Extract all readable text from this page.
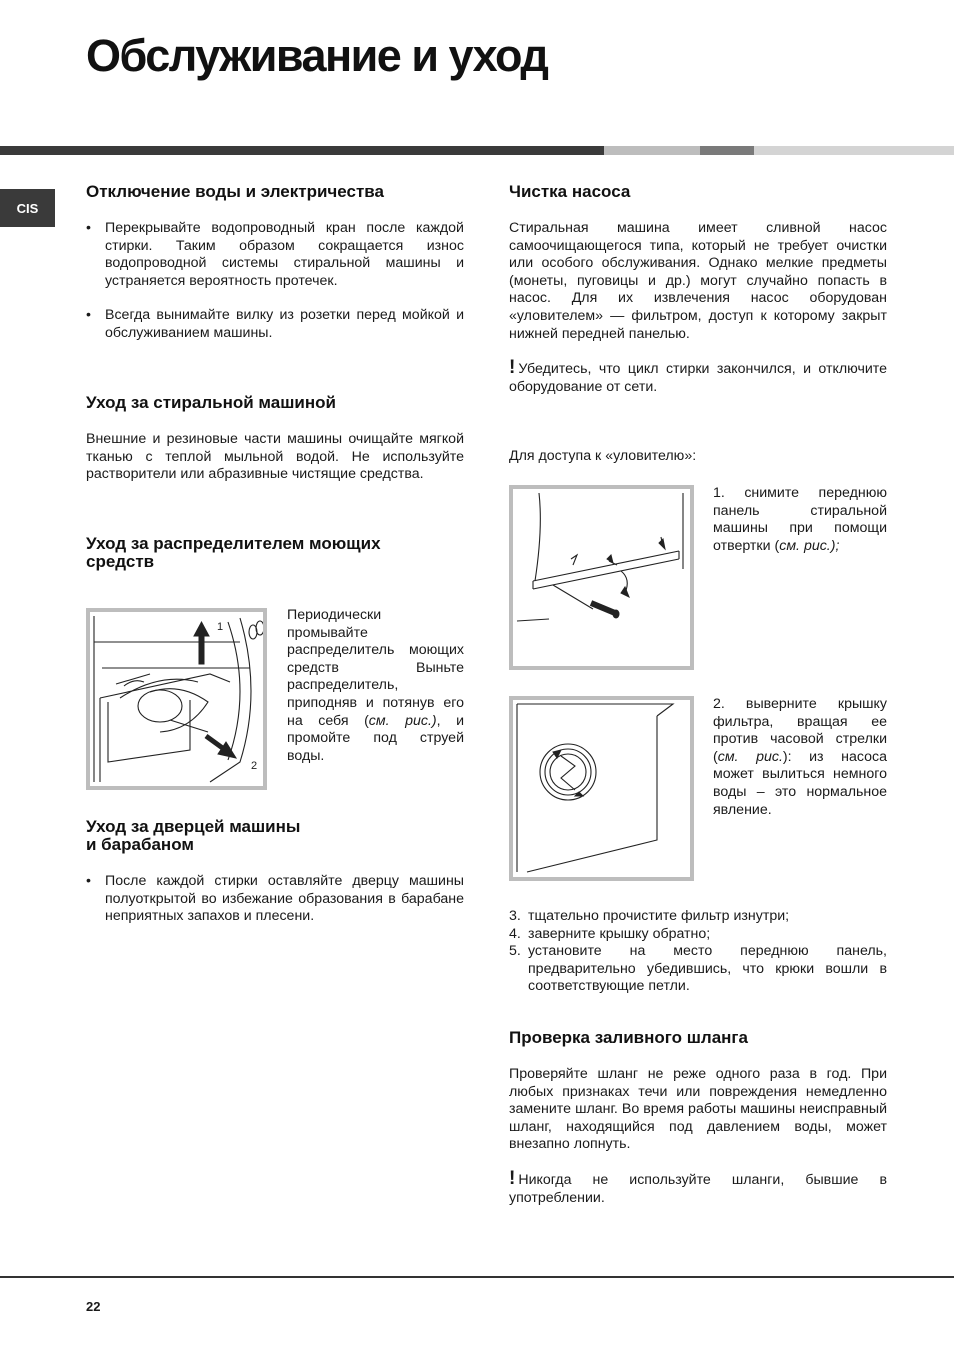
Обслуживание и уход
CIS
Отключение воды и электричества

• Перекрывайте водопроводный кран после каждой стирки. Таким образом сокращается износ водопроводной системы стиральной машины и устраняется вероятность протечек.

• Всегда вынимайте вилку из розетки перед мойкой и обслуживанием машины.

Уход за стиральной машиной

Внешние и резиновые части машины очищайте мягкой тканью с теплой мыльной водой. Не используйте растворители или абразивные чистящие средства.

Уход за распределителем моющих
средств
1
2

Периодически промывайте распределитель моющих средств Выньте распределитель, приподняв и потянув его на себя (см. рис.), и промойте под струей воды.

Уход за дверцей машины
и барабаном

• После каждой стирки оставляйте дверцу машины полуоткрытой во избежание образования в барабане неприятных запахов и плесени.

Чистка насоса

Стиральная машина имеет сливной насос самоочищающегося типа, который не требует очистки или особого обслуживания. Однако мелкие предметы (монеты, пуговицы и др.) могут случайно попасть в насос. Для их извлечения насос оборудован «уловителем» — фильтром, доступ к которому закрыт нижней передней панелью.

! Убедитесь, что цикл стирки закончился, и отключите оборудование от сети.

Для доступа к «уловителю»:

1. снимите переднюю панель стиральной машины при помощи отвертки (см. рис.);

2. выверните крышку фильтра, вращая ее против часовой стрелки (см. рис.): из насоса может вылиться немного воды – это нормальное явление.

3. тщательно прочистите фильтр изнутри;

4. заверните крышку обратно;

5. установите на место переднюю панель, предварительно убедившись, что крюки вошли в соответствующие петли.

Проверка заливного шланга

Проверяйте шланг не реже одного раза в год. При любых признаках течи или повреждения немедленно замените шланг. Во время работы машины неисправный шланг, находящийся под давлением воды, может внезапно лопнуть.

! Никогда не используйте шланги, бывшие в употреблении.

22
